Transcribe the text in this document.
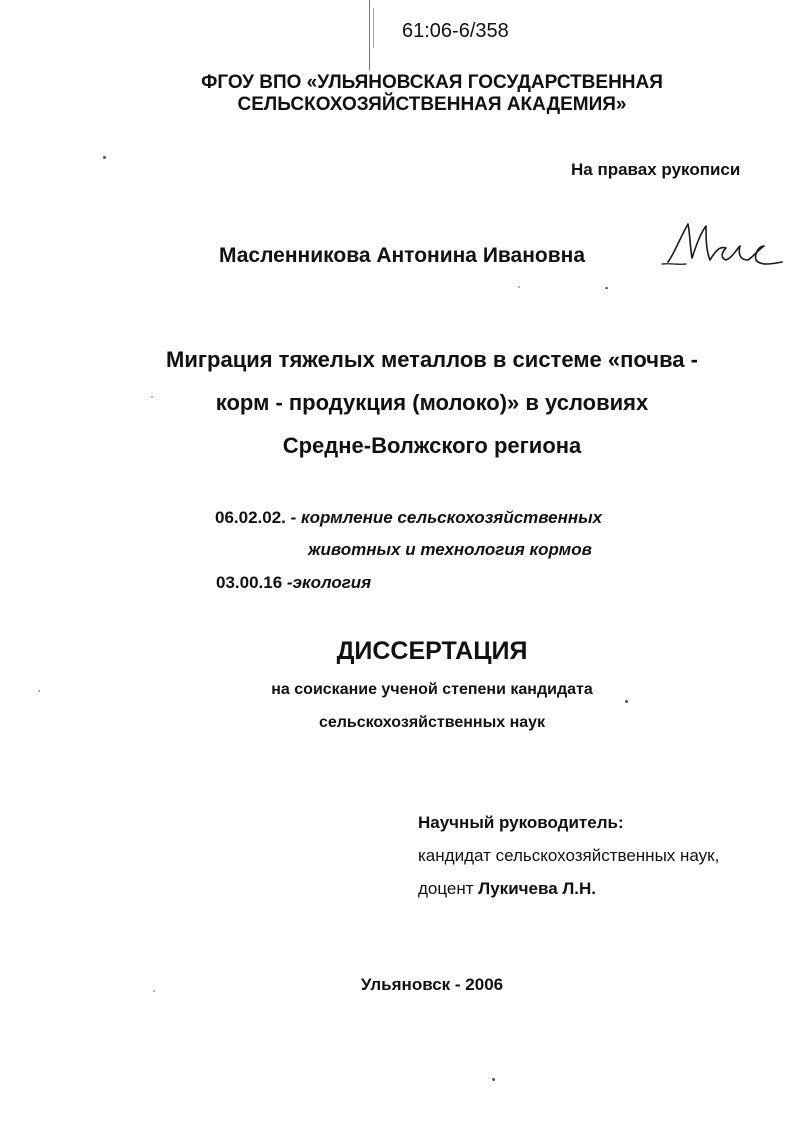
61:06-6/358
ФГОУ ВПО «УЛЬЯНОВСКАЯ ГОСУДАРСТВЕННАЯ
СЕЛЬСКОХОЗЯЙСТВЕННАЯ АКАДЕМИЯ»
На правах рукописи
Масленникова Антонина Ивановна
Миграция тяжелых металлов в системе «почва -
корм - продукция (молоко)» в условиях
Средне-Волжского региона
06.02.02. - кормление сельскохозяйственных
животных и технология кормов
03.00.16 -экология
ДИССЕРТАЦИЯ
на соискание ученой степени кандидата
сельскохозяйственных наук
Научный руководитель:
кандидат сельскохозяйственных наук,
доцент Лукичева Л.Н.
Ульяновск - 2006
